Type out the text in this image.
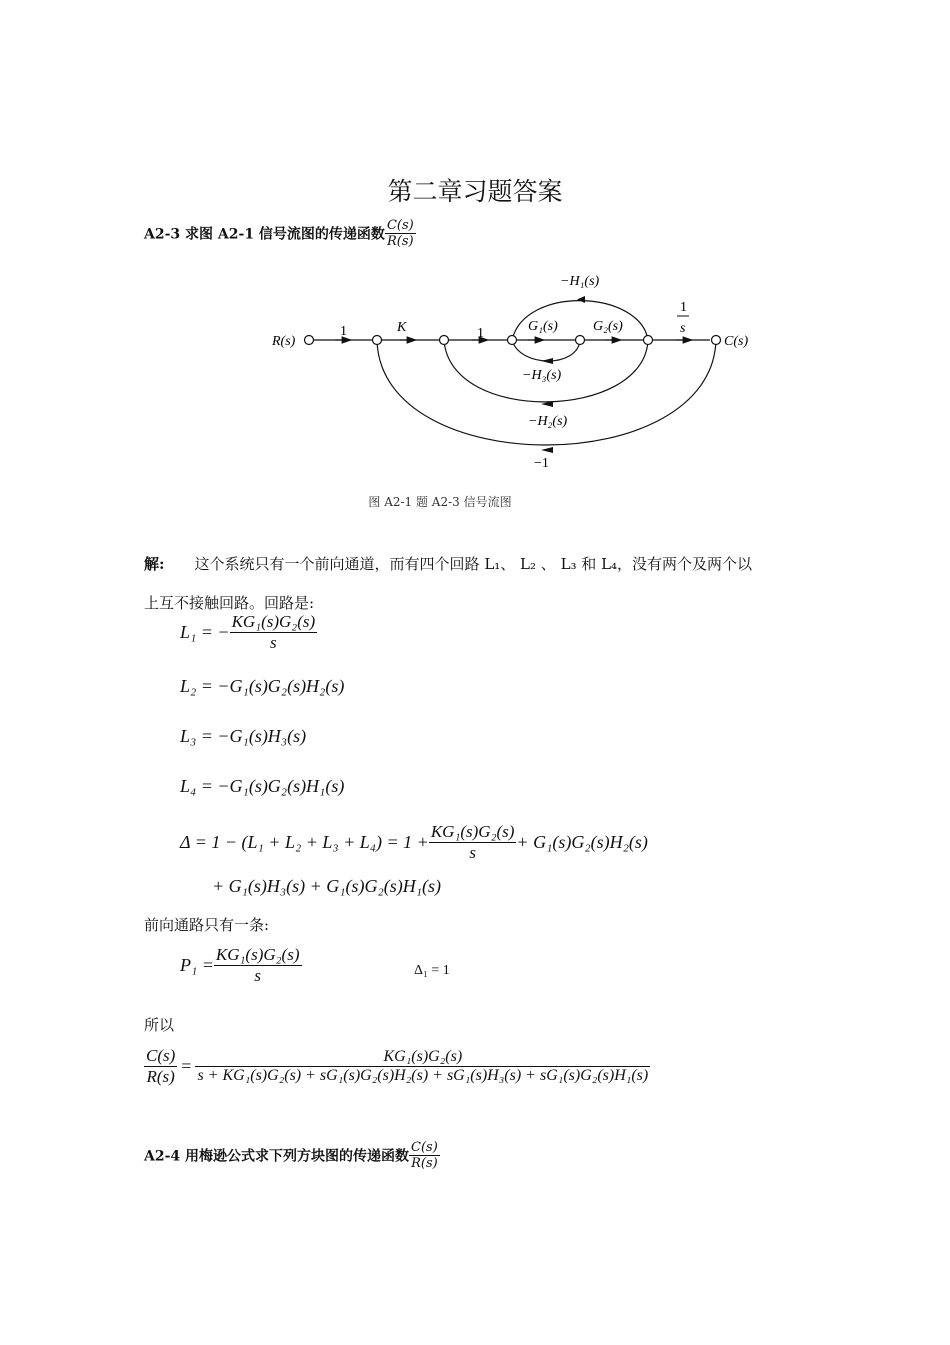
第二章习题答案
A2-3 求图 A2-1 信号流图的传递函数 $\frac{C(s)}{R(s)}$
R(s)	C(s)
1	K	1	G₁(s)	G₂(s)
1
s
−H₁(s)
−H₃(s)
−H₂(s)
−1
图 A2-1 题 A2-3 信号流图
解: 这个系统只有一个前向通道，而有四个回路 L₁、 L₂ 、 L₃ 和 L₄，没有两个及两个以
上互不接触回路。回路是:
L₁ = − $\frac{\text{KG₁(s)G₂(s)}}{s}$
L₂ = −G₁(s)G₂(s)H₂(s)
L₃ = −G₁(s)H₃(s)
L₄ = −G₁(s)G₂(s)H₁(s)
$\Delta = 1 - (L_1 + L_2 + L_3 + L_4) = 1 + \frac{\text{KG₁(s)G₂(s)}}{s} + G_1(s)G_2(s)H_2(s)$
+ G₁(s)H₃(s) + G₁(s)G₂(s)H₁(s)
前向通路只有一条:
$P_1 = \frac{\text{KG₁(s)G₂(s)}}{s}$	Δ₁ = 1
所以
$\frac{C(s)}{R(s)}$ =	KG₁(s)G₂(s)
s + KG₁(s)G₂(s) + sG₁(s)G₂(s)H₂(s) + sG₁(s)H₃(s) + sG₁(s)G₂(s)H₁(s)
A2-4 用梅逊公式求下列方块图的传递函数 $\frac{C(s)}{R(s)}$
